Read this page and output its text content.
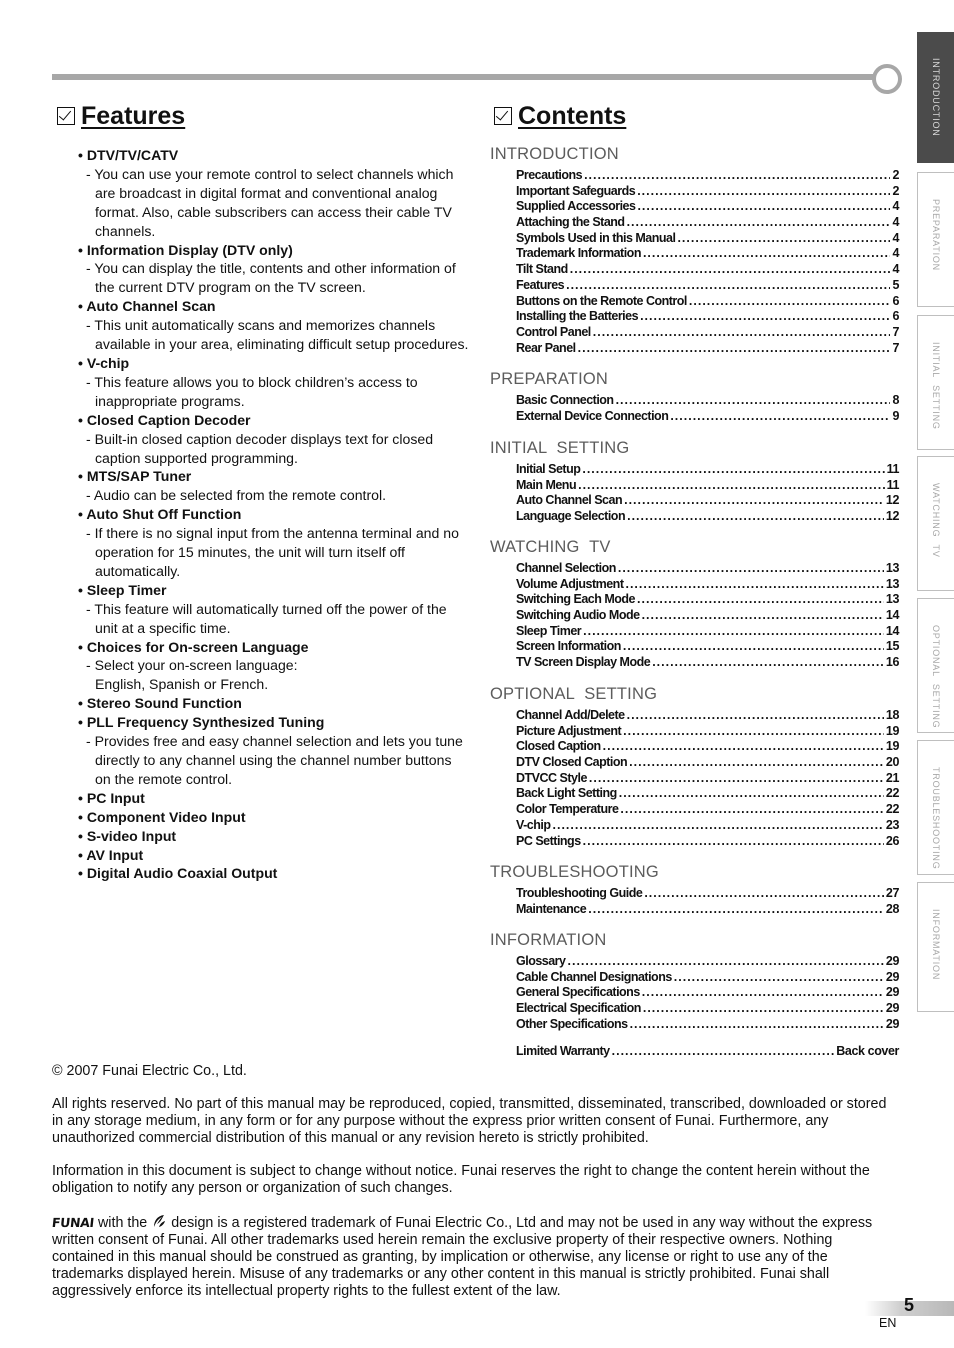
Features	Contents
• DTV/TV/CATV
- You can use your remote control to select channels which are broadcast in digital format and conventional analog format. Also, cable subscribers can access their cable TV channels.
• Information Display (DTV only)
- You can display the title, contents and other information of the current DTV program on the TV screen.
• Auto Channel Scan
- This unit automatically scans and memorizes channels available in your area, eliminating difficult setup procedures.
• V-chip
- This feature allows you to block children’s access to inappropriate programs.
• Closed Caption Decoder
- Built-in closed caption decoder displays text for closed caption supported programming.
• MTS/SAP Tuner
- Audio can be selected from the remote control.
• Auto Shut Off Function
- If there is no signal input from the antenna terminal and no operation for 15 minutes, the unit will turn itself off automatically.
• Sleep Timer
- This feature will automatically turned off the power of the unit at a specific time.
• Choices for On-screen Language
- Select your on-screen language:
English, Spanish or French.
• Stereo Sound Function
• PLL Frequency Synthesized Tuning
- Provides free and easy channel selection and lets you tune directly to any channel using the channel number buttons on the remote control.
• PC Input
• Component Video Input
• S-video Input
• AV Input
• Digital Audio Coaxial Output
INTRODUCTION
Precautions .....	2
Important Safeguards .....	2
Supplied Accessories .....	4
Attaching the Stand .....	4
Symbols Used in this Manual .....	4
Trademark Information .....	4
Tilt Stand .....	4
Features .....	5
Buttons on the Remote Control .....	6
Installing the Batteries .....	6
Control Panel .....	7
Rear Panel .....	7
PREPARATION
Basic Connection .....	8
External Device Connection .....	9
INITIAL SETTING
Initial Setup .....	11
Main Menu .....	11
Auto Channel Scan .....	12
Language Selection .....	12
WATCHING TV
Channel Selection .....	13
Volume Adjustment .....	13
Switching Each Mode .....	13
Switching Audio Mode .....	14
Sleep Timer .....	14
Screen Information .....	15
TV Screen Display Mode .....	16
OPTIONAL SETTING
Channel Add/Delete .....	18
Picture Adjustment .....	19
Closed Caption .....	19
DTV Closed Caption .....	20
DTVCC Style .....	21
Back Light Setting .....	22
Color Temperature .....	22
V-chip .....	23
PC Settings .....	26
TROUBLESHOOTING
Troubleshooting Guide .....	27
Maintenance .....	28
INFORMATION
Glossary .....	29
Cable Channel Designations .....	29
General Specifications .....	29
Electrical Specification .....	29
Other Specifications .....	29
Limited Warranty .....	Back cover
INTRODUCTION
PREPARATION
INITIAL SETTING
WATCHING TV
OPTIONAL SETTING
TROUBLESHOOTING
INFORMATION

© 2007 Funai Electric Co., Ltd.

All rights reserved. No part of this manual may be reproduced, copied, transmitted, disseminated, transcribed, downloaded or stored in any storage medium, in any form or for any purpose without the express prior written consent of Funai. Furthermore, any unauthorized commercial distribution of this manual or any revision hereto is strictly prohibited.

Information in this document is subject to change without notice. Funai reserves the right to change the content herein without the obligation to notify any person or organization of such changes.

FUNAI with the design is a registered trademark of Funai Electric Co., Ltd and may not be used in any way without the express written consent of Funai. All other trademarks used herein remain the exclusive property of their respective owners. Nothing contained in this manual should be construed as granting, by implication or otherwise, any license or right to use any of the trademarks displayed herein. Misuse of any trademarks or any other content in this manual is strictly prohibited. Funai shall aggressively enforce its intellectual property rights to the fullest extent of the law.

5
EN
